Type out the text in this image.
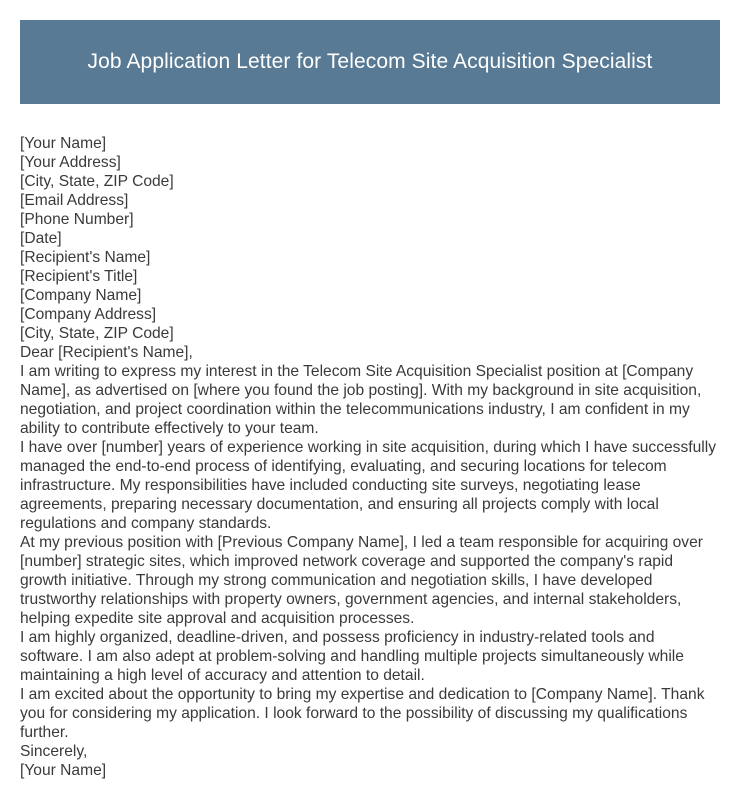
Job Application Letter for Telecom Site Acquisition Specialist
[Your Name]
[Your Address]
[City, State, ZIP Code]
[Email Address]
[Phone Number]
[Date]
[Recipient's Name]
[Recipient's Title]
[Company Name]
[Company Address]
[City, State, ZIP Code]
Dear [Recipient's Name],
I am writing to express my interest in the Telecom Site Acquisition Specialist position at [Company Name], as advertised on [where you found the job posting]. With my background in site acquisition, negotiation, and project coordination within the telecommunications industry, I am confident in my ability to contribute effectively to your team.
I have over [number] years of experience working in site acquisition, during which I have successfully managed the end-to-end process of identifying, evaluating, and securing locations for telecom infrastructure. My responsibilities have included conducting site surveys, negotiating lease agreements, preparing necessary documentation, and ensuring all projects comply with local regulations and company standards.
At my previous position with [Previous Company Name], I led a team responsible for acquiring over [number] strategic sites, which improved network coverage and supported the company's rapid growth initiative. Through my strong communication and negotiation skills, I have developed trustworthy relationships with property owners, government agencies, and internal stakeholders, helping expedite site approval and acquisition processes.
I am highly organized, deadline-driven, and possess proficiency in industry-related tools and software. I am also adept at problem-solving and handling multiple projects simultaneously while maintaining a high level of accuracy and attention to detail.
I am excited about the opportunity to bring my expertise and dedication to [Company Name]. Thank you for considering my application. I look forward to the possibility of discussing my qualifications further.
Sincerely,
[Your Name]
